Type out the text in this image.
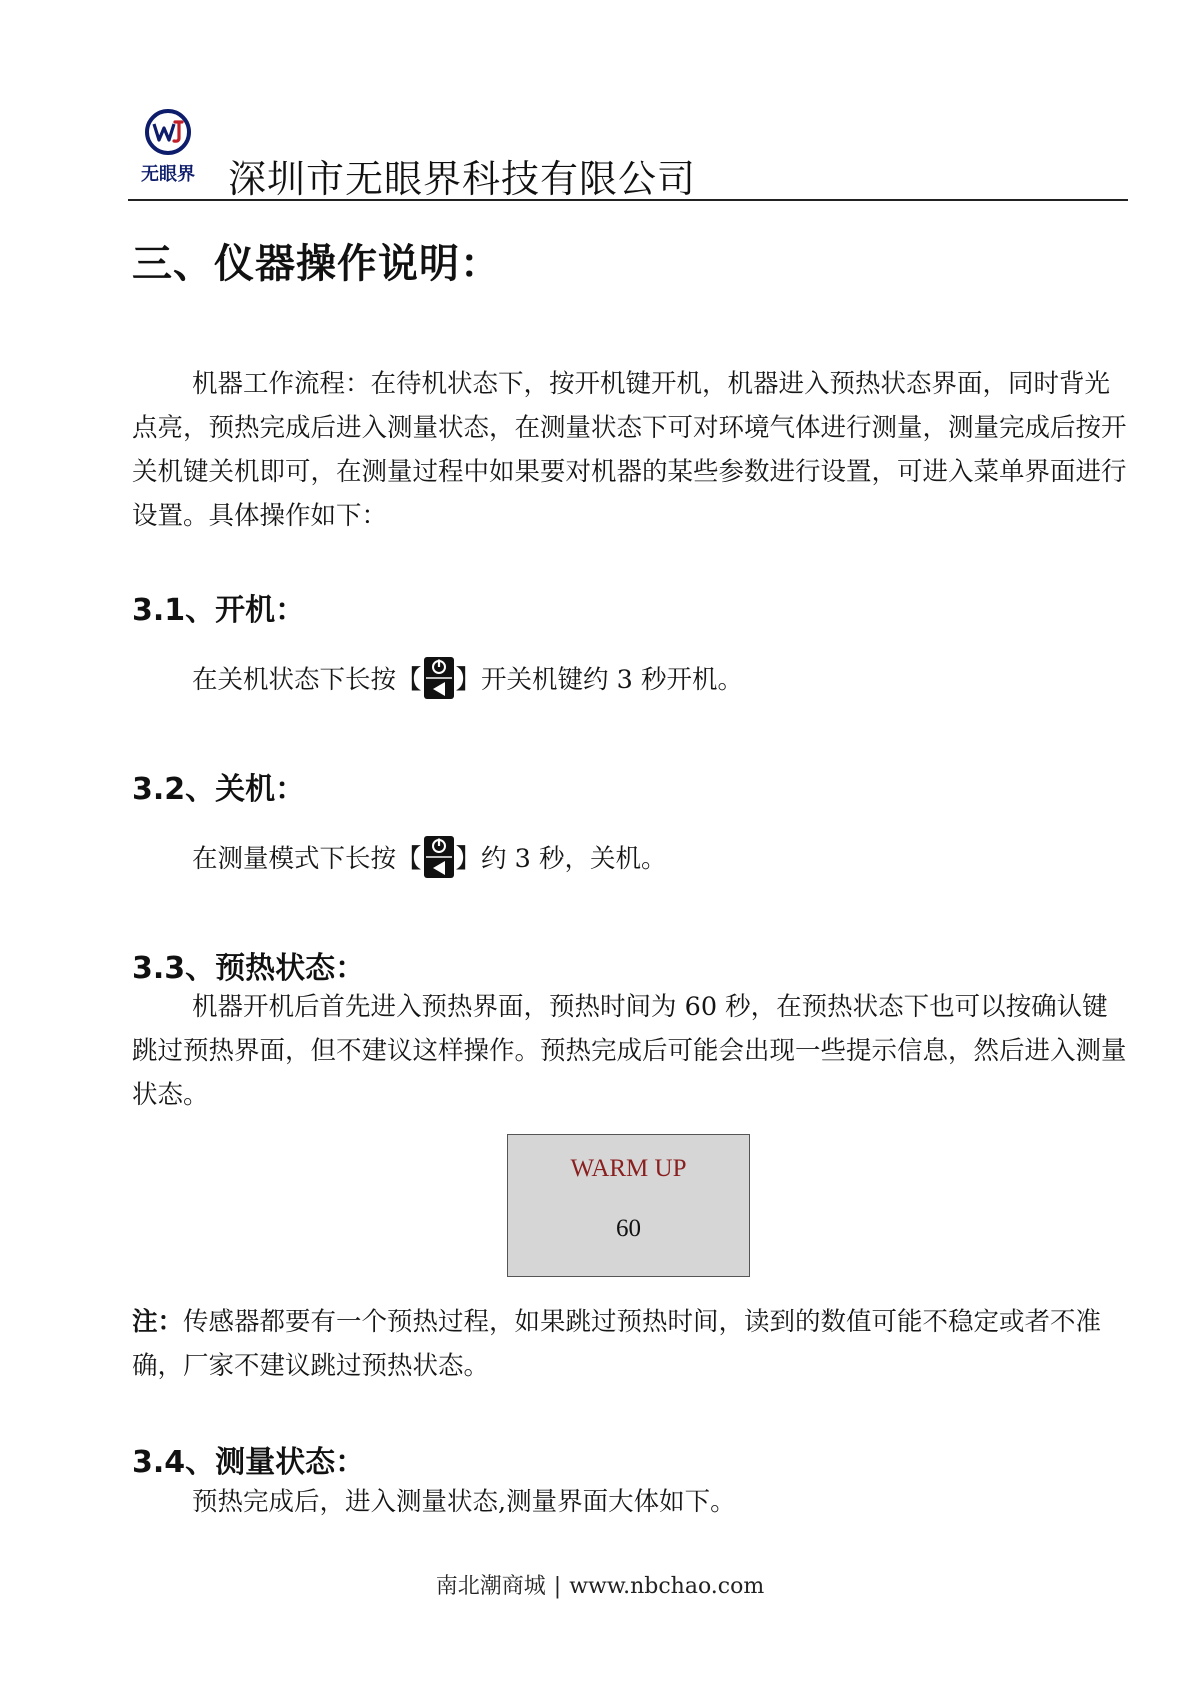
无眼界 深圳市无眼界科技有限公司
三、仪器操作说明：
机器工作流程：在待机状态下，按开机键开机，机器进入预热状态界面，同时背光点亮，预热完成后进入测量状态，在测量状态下可对环境气体进行测量，测量完成后按开关机键关机即可，在测量过程中如果要对机器的某些参数进行设置，可进入菜单界面进行设置。具体操作如下：
3.1、开机：
在关机状态下长按【 】开关机键约 3 秒开机。
3.2、关机：
在测量模式下长按【 】约 3 秒，关机。
3.3、预热状态：
机器开机后首先进入预热界面，预热时间为 60 秒，在预热状态下也可以按确认键跳过预热界面，但不建议这样操作。预热完成后可能会出现一些提示信息，然后进入测量状态。
WARM UP
60
注：传感器都要有一个预热过程，如果跳过预热时间，读到的数值可能不稳定或者不准确，厂家不建议跳过预热状态。
3.4、测量状态：
预热完成后，进入测量状态,测量界面大体如下。
南北潮商城 | www.nbchao.com
